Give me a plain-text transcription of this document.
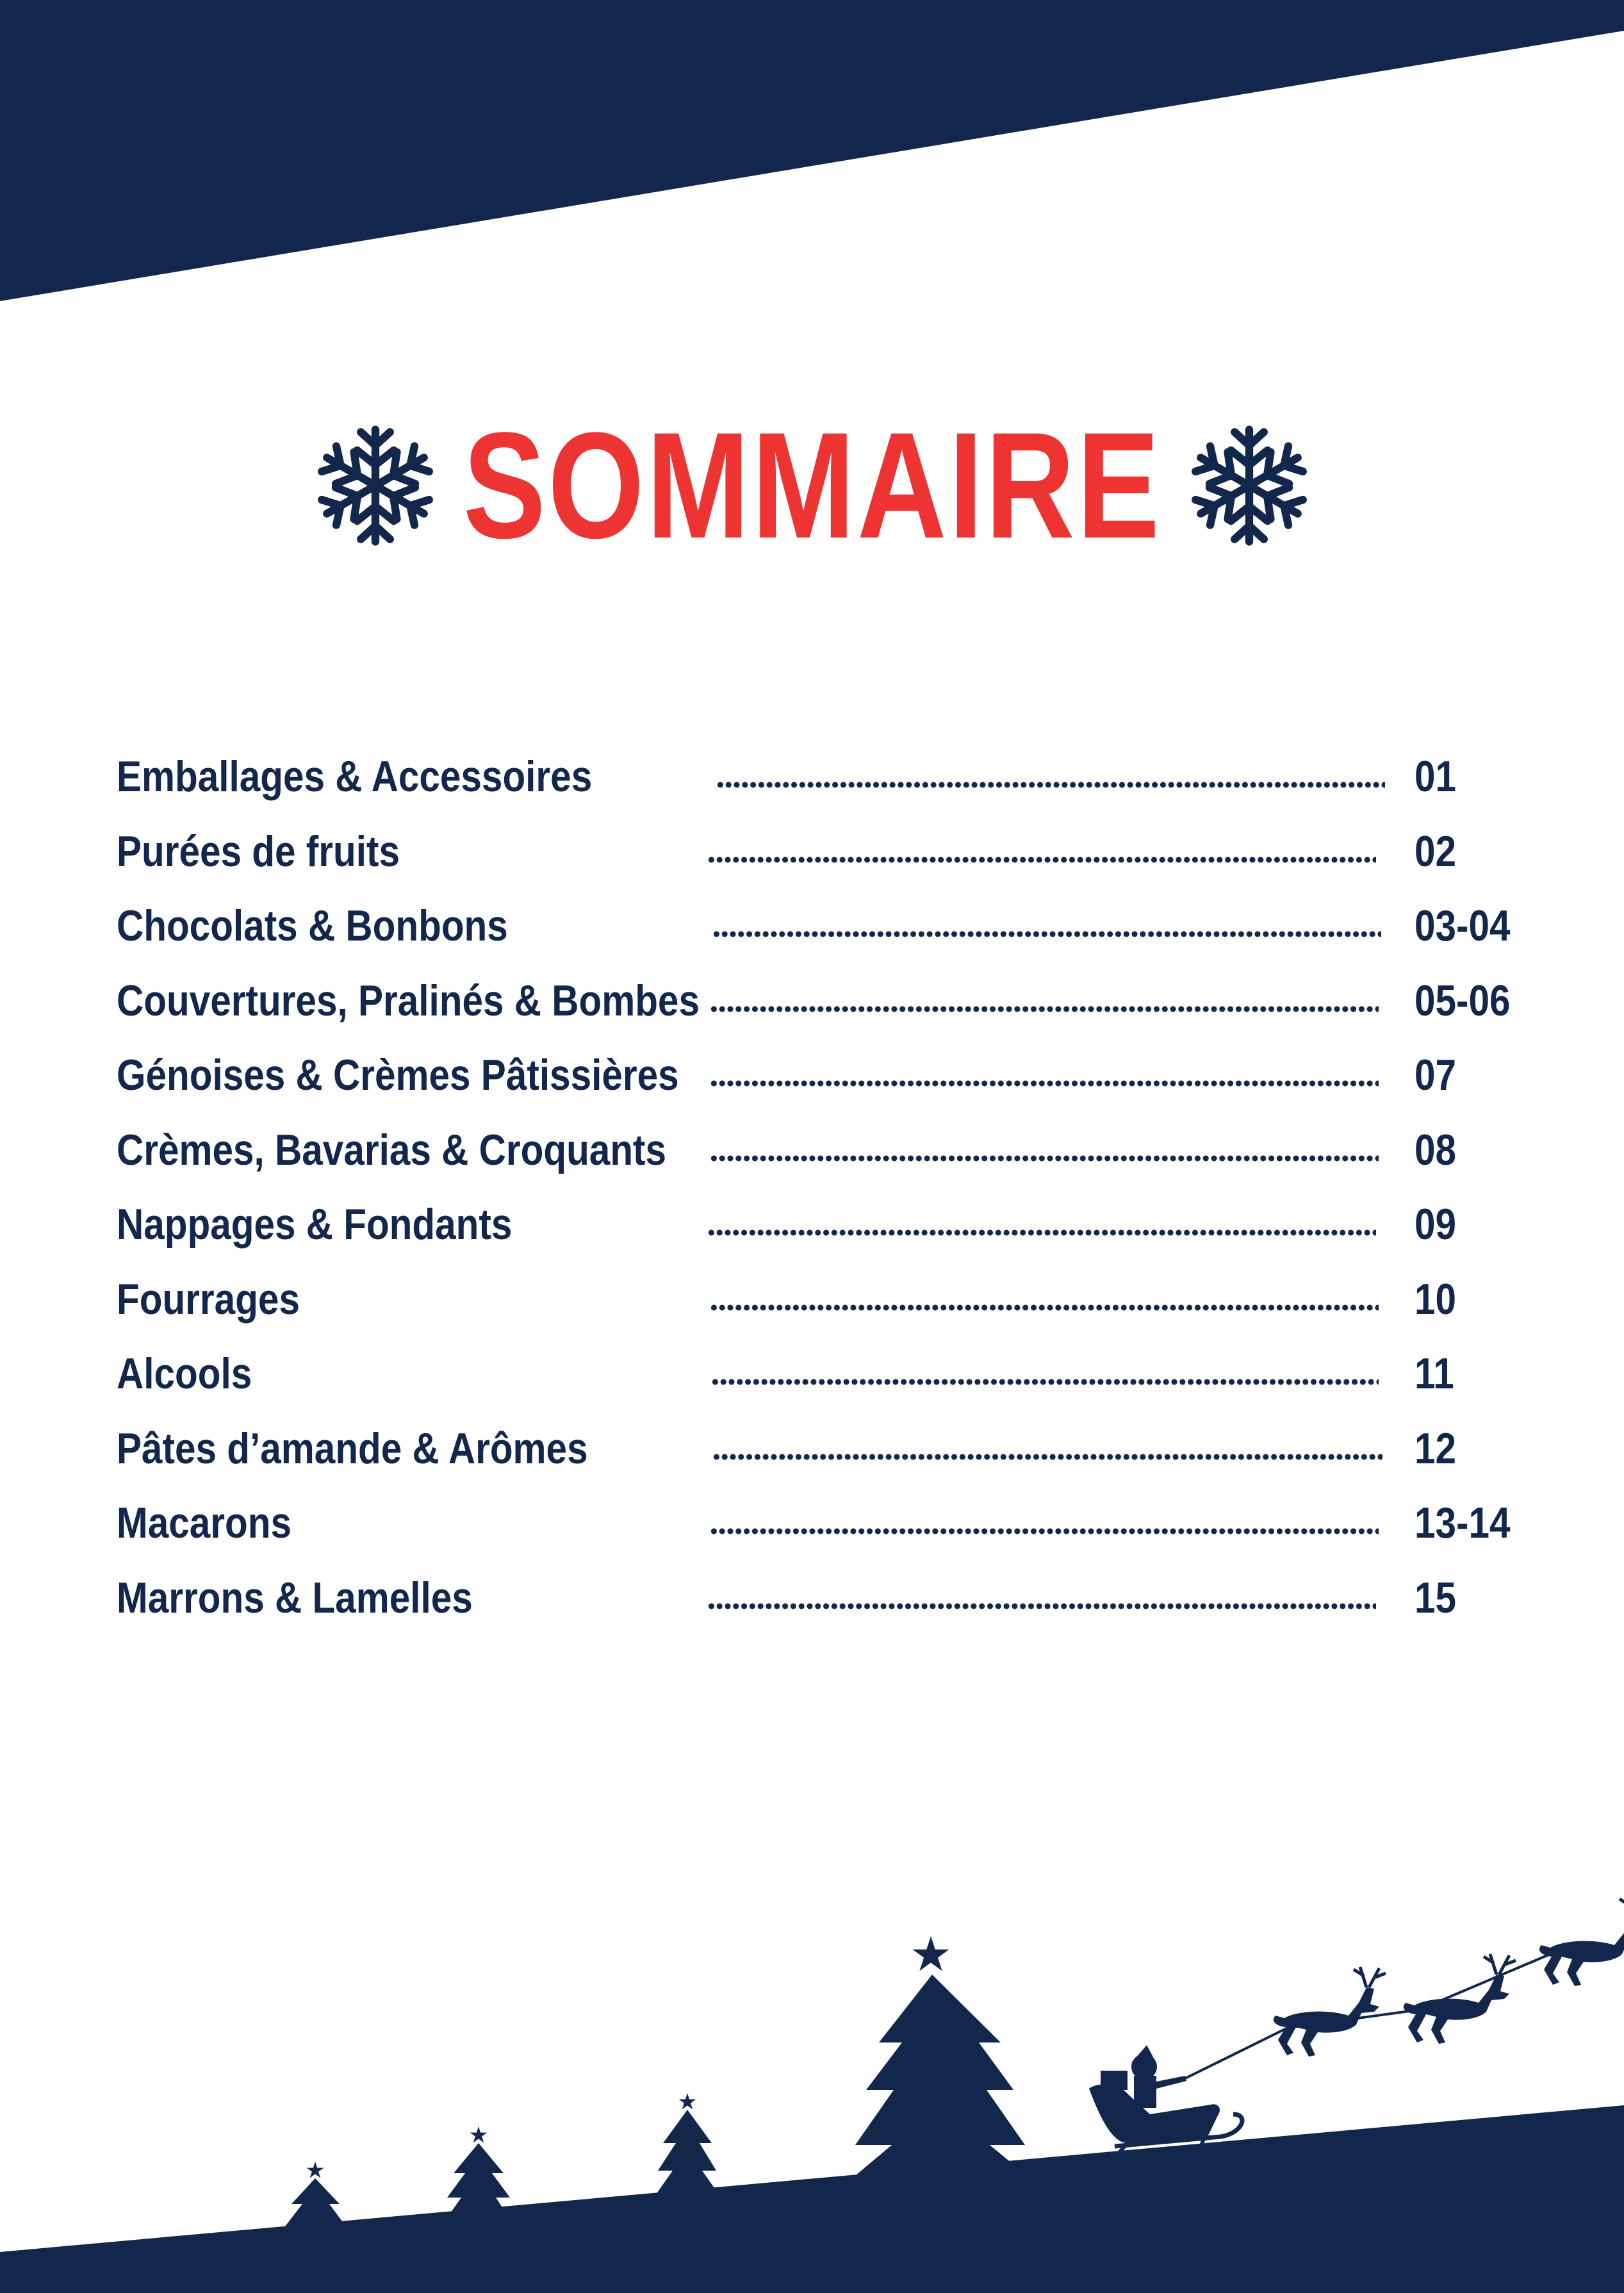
SOMMAIRE
Emballages & Accessoires	01
Purées de fruits	02
Chocolats & Bonbons	03-04
Couvertures, Pralinés & Bombes	05-06
Génoises & Crèmes Pâtissières	07
Crèmes, Bavarias & Croquants	08
Nappages & Fondants	09
Fourrages	10
Alcools	11
Pâtes d’amande & Arômes	12
Macarons	13-14
Marrons & Lamelles	15
